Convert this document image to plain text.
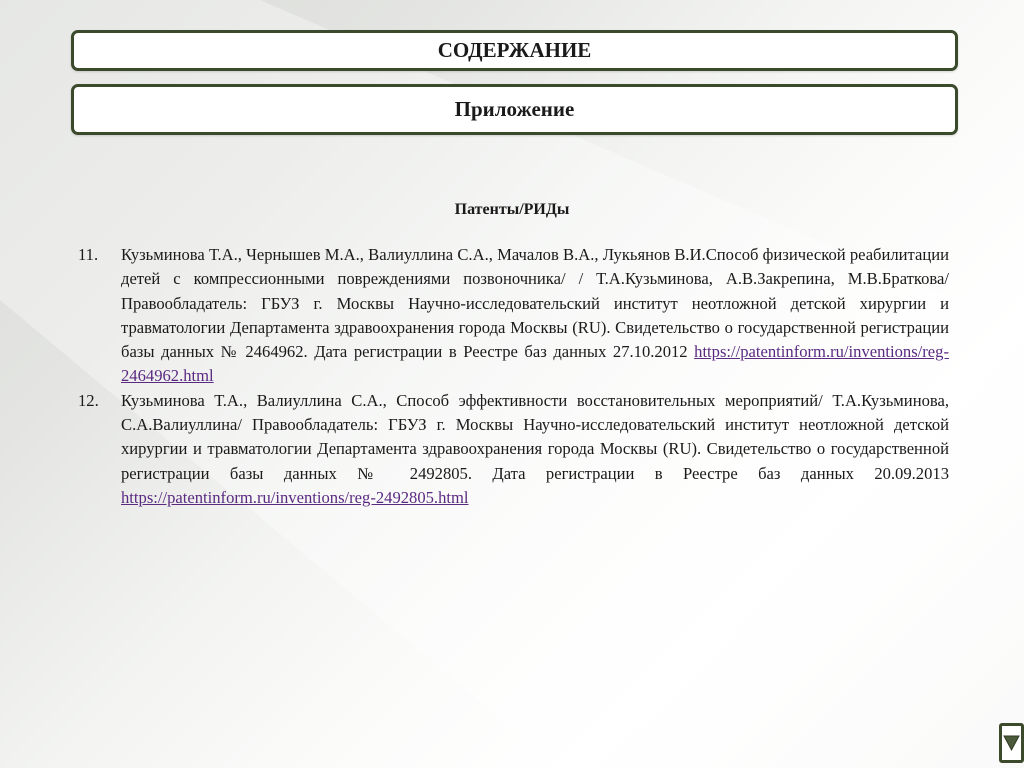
СОДЕРЖАНИЕ
Приложение
Патенты/РИДы
11.	Кузьминова Т.А., Чернышев М.А., Валиуллина С.А., Мачалов В.А., Лукьянов В.И.Способ физической реабилитации детей с компрессионными повреждениями позвоночника/ / Т.А.Кузьминова, А.В.Закрепина, М.В.Браткова/ Правообладатель: ГБУЗ г. Москвы Научно-исследовательский институт неотложной детской хирургии и травматологии Департамента здравоохранения города Москвы (RU). Свидетельство о государственной регистрации базы данных № 2464962. Дата регистрации в Реестре баз данных 27.10.2012 https://patentinform.ru/inventions/reg-2464962.html
12.	Кузьминова Т.А., Валиуллина С.А., Способ эффективности восстановительных мероприятий/ Т.А.Кузьминова, С.А.Валиуллина/ Правообладатель: ГБУЗ г. Москвы Научно-исследовательский институт неотложной детской хирургии и травматологии Департамента здравоохранения города Москвы (RU). Свидетельство о государственной регистрации базы данных № 2492805. Дата регистрации в Реестре баз данных 20.09.2013 https://patentinform.ru/inventions/reg-2492805.html
